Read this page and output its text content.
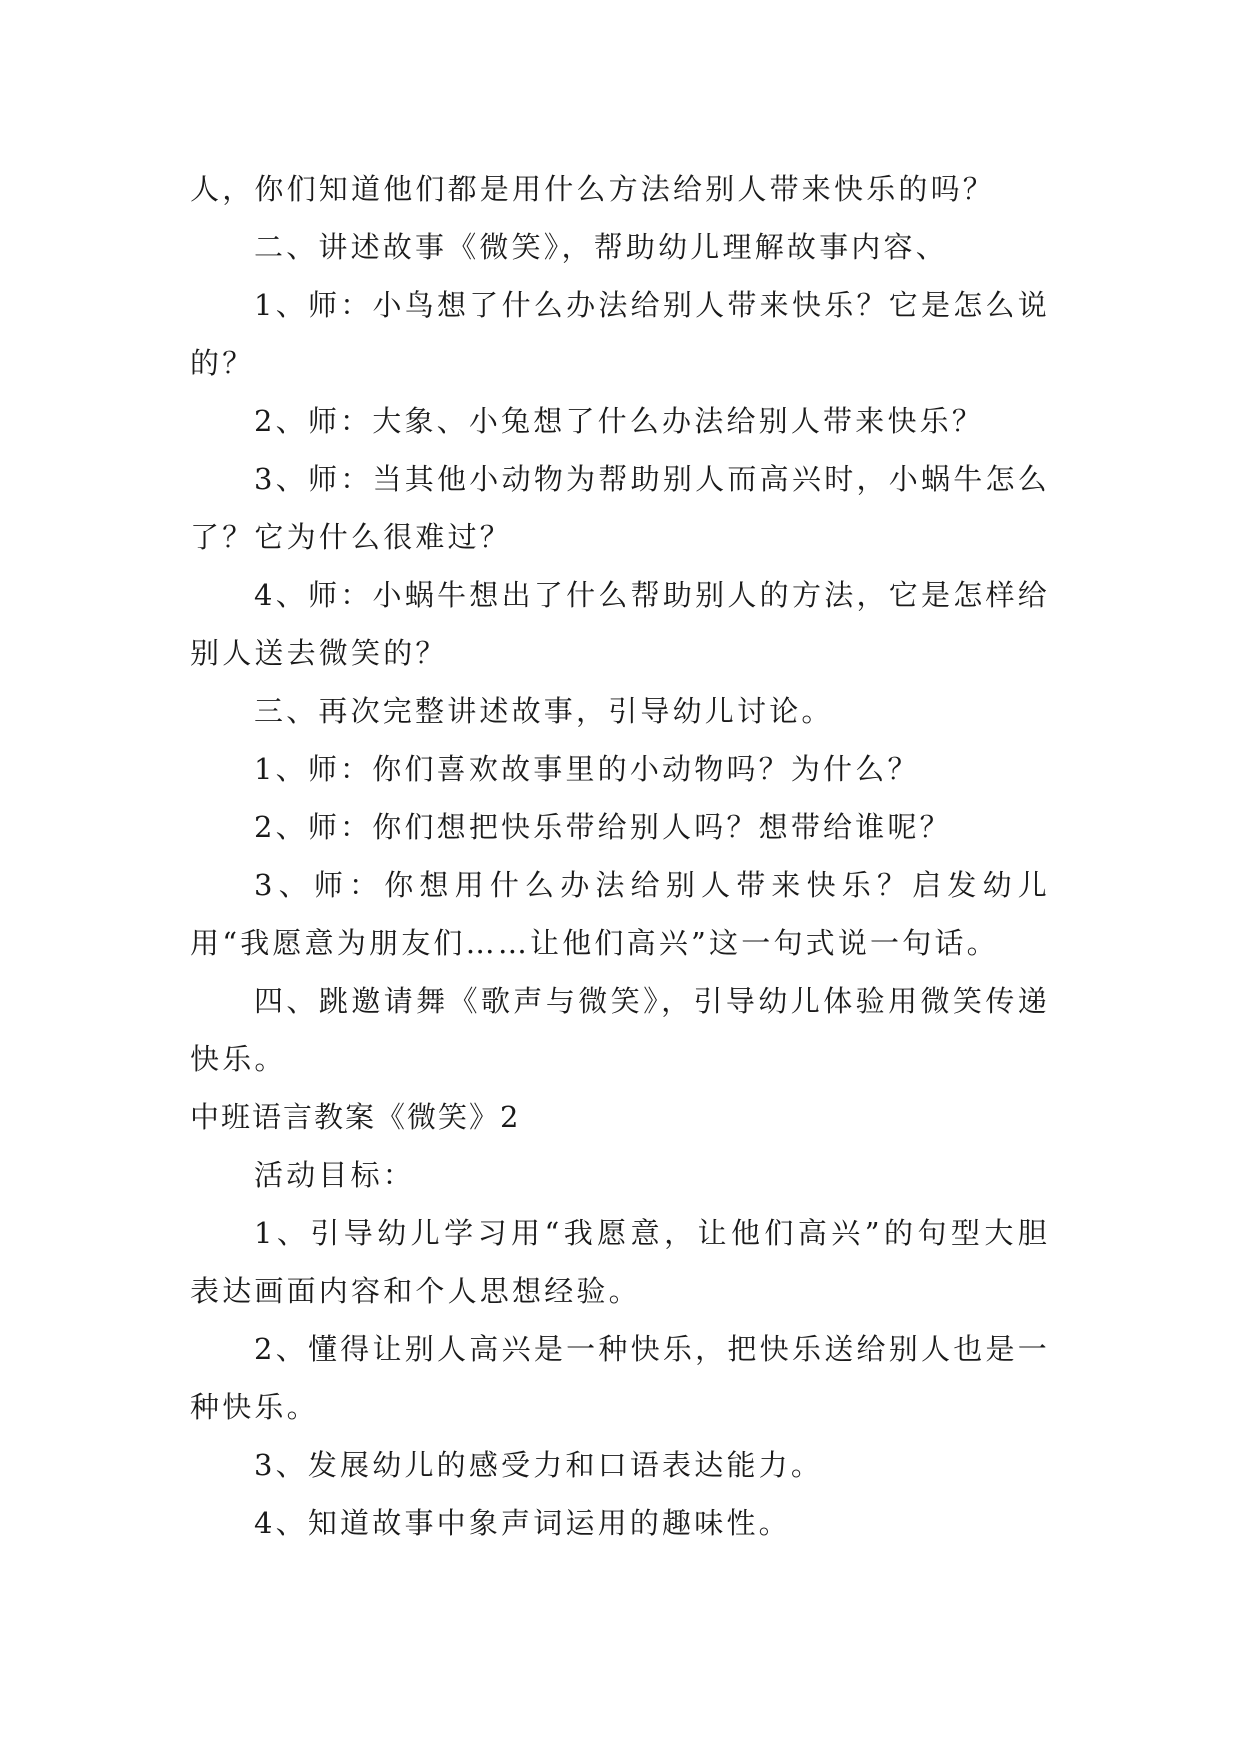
人，你们知道他们都是用什么方法给别人带来快乐的吗？

二、讲述故事《微笑》，帮助幼儿理解故事内容、

1、师：小鸟想了什么办法给别人带来快乐？它是怎么说的？

2、师：大象、小兔想了什么办法给别人带来快乐？

3、师：当其他小动物为帮助别人而高兴时，小蜗牛怎么了？它为什么很难过？

4、师：小蜗牛想出了什么帮助别人的方法，它是怎样给别人送去微笑的？

三、再次完整讲述故事，引导幼儿讨论。

1、师：你们喜欢故事里的小动物吗？为什么？

2、师：你们想把快乐带给别人吗？想带给谁呢？

3、师：你想用什么办法给别人带来快乐？启发幼儿用“我愿意为朋友们……让他们高兴”这一句式说一句话。

四、跳邀请舞《歌声与微笑》，引导幼儿体验用微笑传递快乐。

中班语言教案《微笑》2

活动目标：

1、引导幼儿学习用“我愿意，让他们高兴”的句型大胆表达画面内容和个人思想经验。

2、懂得让别人高兴是一种快乐，把快乐送给别人也是一种快乐。

3、发展幼儿的感受力和口语表达能力。

4、知道故事中象声词运用的趣味性。
